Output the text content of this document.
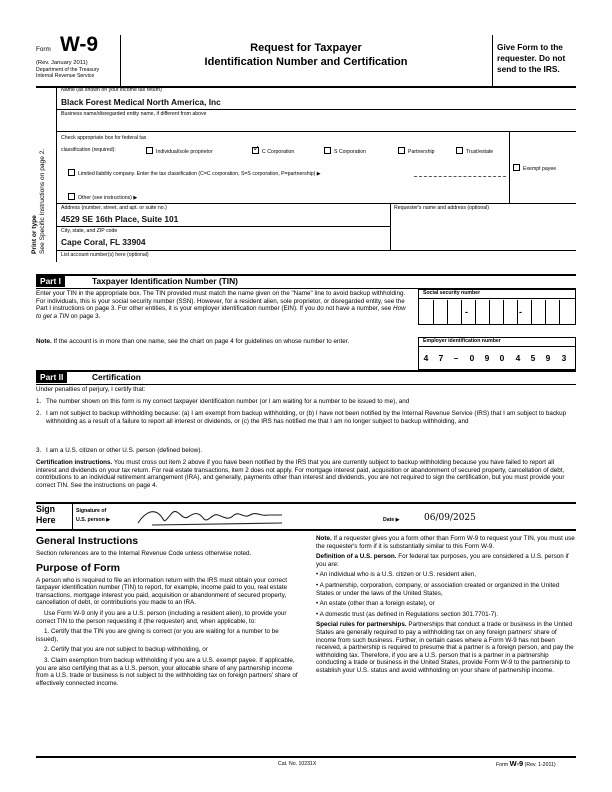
Form W-9
(Rev. January 2011)
Department of the Treasury
Internal Revenue Service
Request for Taxpayer
Identification Number and Certification
Give Form to the requester. Do not send to the IRS.
Print or type See Specific Instructions on page 2.
Name (as shown on your income tax return)
Black Forest Medical North America, Inc
Business name/disregarded entity name, if different from above
Check appropriate box for federal tax
classification (required):	Individual/sole proprietor	✓ C Corporation	S Corporation	Partnership	Trust/estate
Limited liability company. Enter the tax classification (C=C corporation, S=S corporation, P=partnership) ▶
Exempt payee
Other (see instructions) ▶
Address (number, street, and apt. or suite no.)
4529 SE 16th Place, Suite 101
Requester's name and address (optional)
City, state, and ZIP code
Cape Coral, FL 33904
List account number(s) here (optional)
Part I	Taxpayer Identification Number (TIN)
Enter your TIN in the appropriate box. The TIN provided must match the name given on the "Name" line to avoid backup withholding. For individuals, this is your social security number (SSN). However, for a resident alien, sole proprietor, or disregarded entity, see the Part I instructions on page 3. For other entities, it is your employer identification number (EIN). If you do not have a number, see How to get a TIN on page 3.
Note. If the account is in more than one name, see the chart on page 4 for guidelines on whose number to enter.
Social security number
-	-
Employer identification number
4	7	–	0	9	0	4	5	9	3
Part II	Certification
Under penalties of perjury, I certify that:
1. The number shown on this form is my correct taxpayer identification number (or I am waiting for a number to be issued to me), and
2. I am not subject to backup withholding because: (a) I am exempt from backup withholding, or (b) I have not been notified by the Internal Revenue Service (IRS) that I am subject to backup withholding as a result of a failure to report all interest or dividends, or (c) the IRS has notified me that I am no longer subject to backup withholding, and
3. I am a U.S. citizen or other U.S. person (defined below).
Certification instructions. You must cross out item 2 above if you have been notified by the IRS that you are currently subject to backup withholding because you have failed to report all interest and dividends on your tax return. For real estate transactions, item 2 does not apply. For mortgage interest paid, acquisition or abandonment of secured property, cancellation of debt, contributions to an individual retirement arrangement (IRA), and generally, payments other than interest and dividends, you are not required to sign the certification, but you must provide your correct TIN. See the instructions on page 4.
Sign Here
Signature of
U.S. person ▶	Date ▶	06/09/2025
General Instructions

Section references are to the Internal Revenue Code unless otherwise noted.

Purpose of Form

A person who is required to file an information return with the IRS must obtain your correct taxpayer identification number (TIN) to report, for example, income paid to you, real estate transactions, mortgage interest you paid, acquisition or abandonment of secured property, cancellation of debt, or contributions you made to an IRA.

Use Form W-9 only if you are a U.S. person (including a resident alien), to provide your correct TIN to the person requesting it (the requester) and, when applicable, to:

1. Certify that the TIN you are giving is correct (or you are waiting for a number to be issued),

2. Certify that you are not subject to backup withholding, or

3. Claim exemption from backup withholding if you are a U.S. exempt payee. If applicable, you are also certifying that as a U.S. person, your allocable share of any partnership income from a U.S. trade or business is not subject to the withholding tax on foreign partners' share of effectively connected income.

Note. If a requester gives you a form other than Form W-9 to request your TIN, you must use the requester's form if it is substantially similar to this Form W-9.

Definition of a U.S. person. For federal tax purposes, you are considered a U.S. person if you are:

• An individual who is a U.S. citizen or U.S. resident alien,

• A partnership, corporation, company, or association created or organized in the United States or under the laws of the United States,

• An estate (other than a foreign estate), or

• A domestic trust (as defined in Regulations section 301.7701-7).

Special rules for partnerships. Partnerships that conduct a trade or business in the United States are generally required to pay a withholding tax on any foreign partners' share of income from such business. Further, in certain cases where a Form W-9 has not been received, a partnership is required to presume that a partner is a foreign person, and pay the withholding tax. Therefore, if you are a U.S. person that is a partner in a partnership conducting a trade or business in the United States, provide Form W-9 to the partnership to establish your U.S. status and avoid withholding on your share of partnership income.

Cat. No. 10231X	Form W-9 (Rev. 1-2011)
